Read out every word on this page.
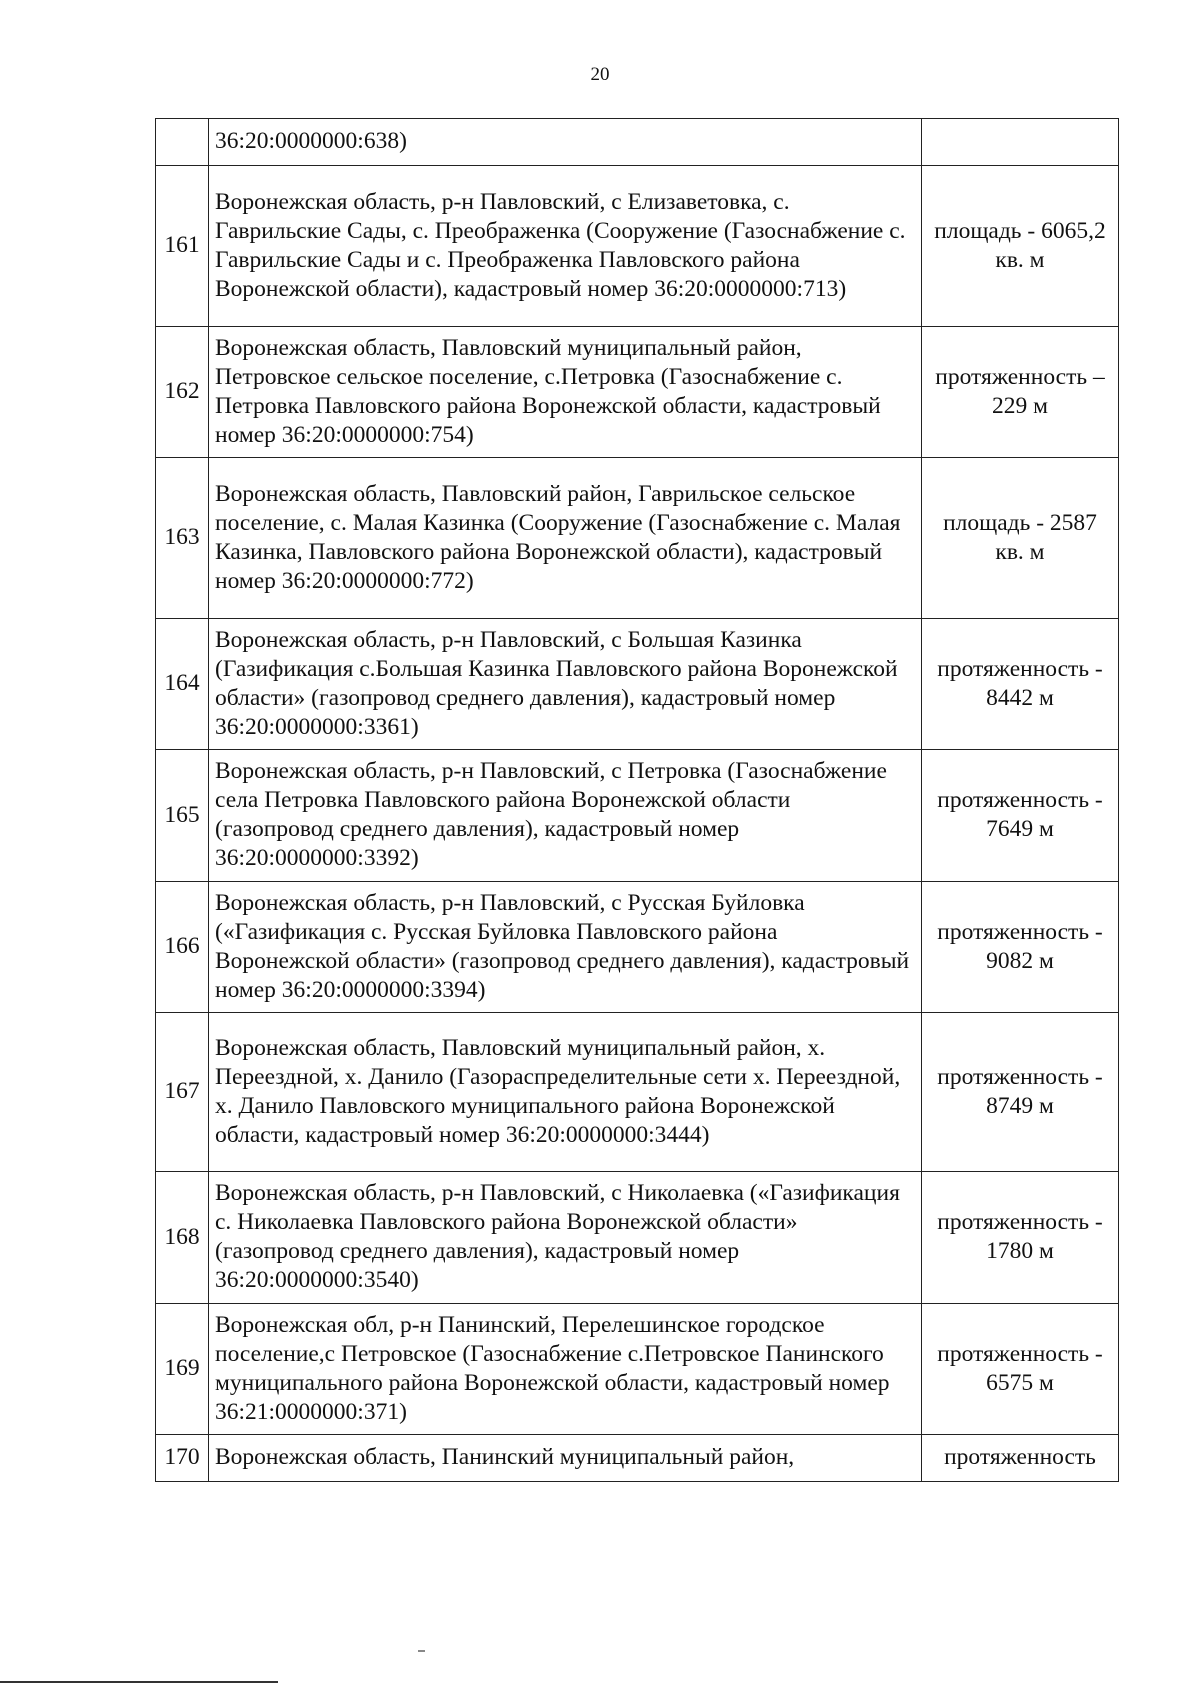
20
	36:20:0000000:638)	
161	Воронежская область, р-н Павловский, с Елизаветовка, с. Гаврильские Сады, с. Преображенка (Сооружение (Газоснабжение с. Гаврильские Сады и с. Преображенка Павловского района Воронежской области), кадастровый номер 36:20:0000000:713)	площадь - 6065,2 кв. м
162	Воронежская область, Павловский муниципальный район, Петровское сельское поселение, с.Петровка (Газоснабжение с. Петровка Павловского района Воронежской области, кадастровый номер 36:20:0000000:754)	протяженность – 229 м
163	Воронежская область, Павловский район, Гаврильское сельское поселение, с. Малая Казинка (Сооружение (Газоснабжение с. Малая Казинка, Павловского района Воронежской области), кадастровый номер 36:20:0000000:772)	площадь - 2587 кв. м
164	Воронежская область, р-н Павловский, с Большая Казинка (Газификация с.Большая Казинка Павловского района Воронежской области» (газопровод среднего давления), кадастровый номер 36:20:0000000:3361)	протяженность - 8442 м
165	Воронежская область, р-н Павловский, с Петровка (Газоснабжение села Петровка Павловского района Воронежской области (газопровод среднего давления), кадастровый номер 36:20:0000000:3392)	протяженность - 7649 м
166	Воронежская область, р-н Павловский, с Русская Буйловка («Газификация с. Русская Буйловка Павловского района Воронежской области» (газопровод среднего давления), кадастровый номер 36:20:0000000:3394)	протяженность - 9082 м
167	Воронежская область, Павловский муниципальный район, х. Переездной, х. Данило (Газораспределительные сети х. Переездной, х. Данило Павловского муниципального района Воронежской области, кадастровый номер 36:20:0000000:3444)	протяженность - 8749 м
168	Воронежская область, р-н Павловский, с Николаевка («Газификация с. Николаевка Павловского района Воронежской области» (газопровод среднего давления), кадастровый номер 36:20:0000000:3540)	протяженность - 1780 м
169	Воронежская обл, р-н Панинский, Перелешинское городское поселение,с Петровское (Газоснабжение с.Петровское Панинского муниципального района Воронежской области, кадастровый номер 36:21:0000000:371)	протяженность - 6575 м
170	Воронежская область, Панинский муниципальный район,	протяженность
